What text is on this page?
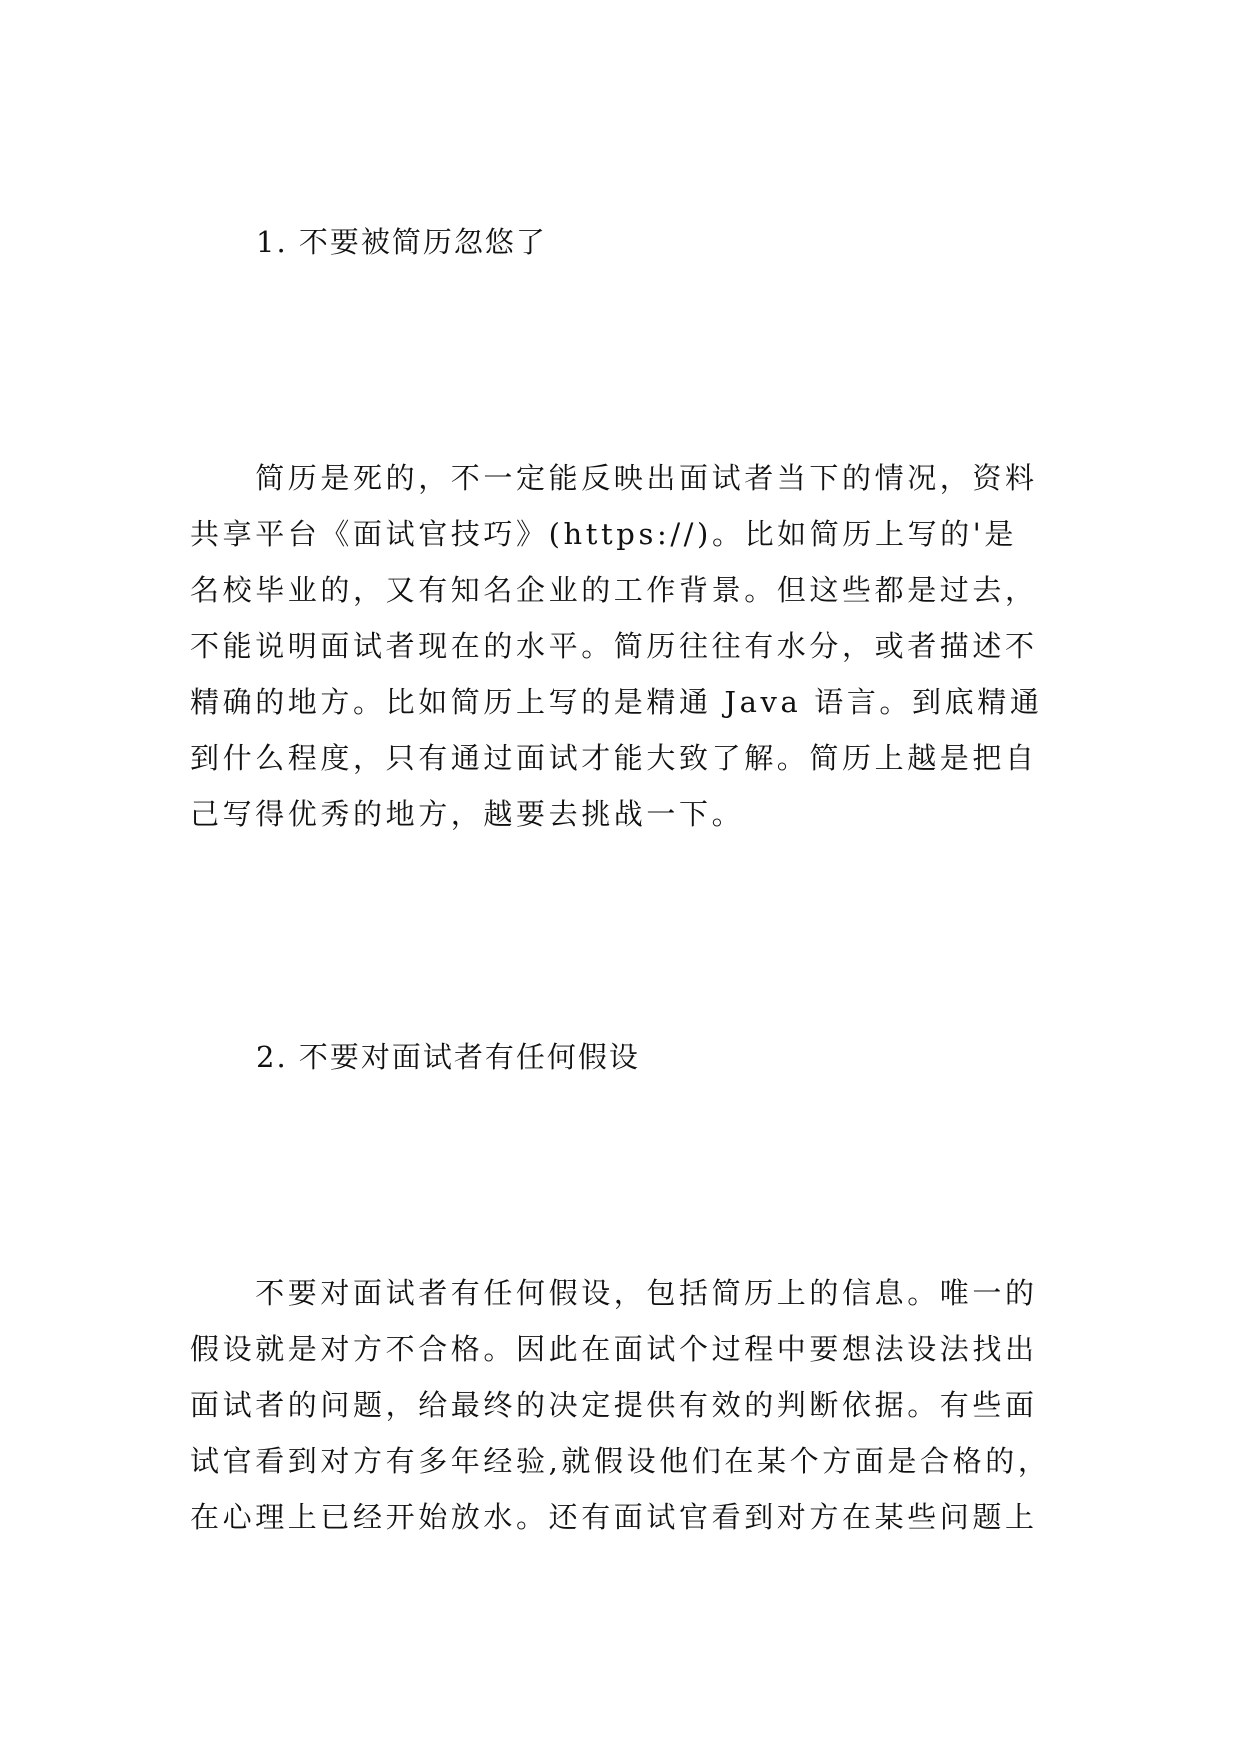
1. 不要被简历忽悠了
　　简历是死的，不一定能反映出面试者当下的情况，资料
共享平台《面试官技巧》(https://)。比如简历上写的'是
名校毕业的，又有知名企业的工作背景。但这些都是过去，
不能说明面试者现在的水平。简历往往有水分，或者描述不
精确的地方。比如简历上写的是精通 Java 语言。到底精通
到什么程度，只有通过面试才能大致了解。简历上越是把自
己写得优秀的地方，越要去挑战一下。
2. 不要对面试者有任何假设
　　不要对面试者有任何假设，包括简历上的信息。唯一的
假设就是对方不合格。因此在面试个过程中要想法设法找出
面试者的问题，给最终的决定提供有效的判断依据。有些面
试官看到对方有多年经验,就假设他们在某个方面是合格的，
在心理上已经开始放水。还有面试官看到对方在某些问题上
